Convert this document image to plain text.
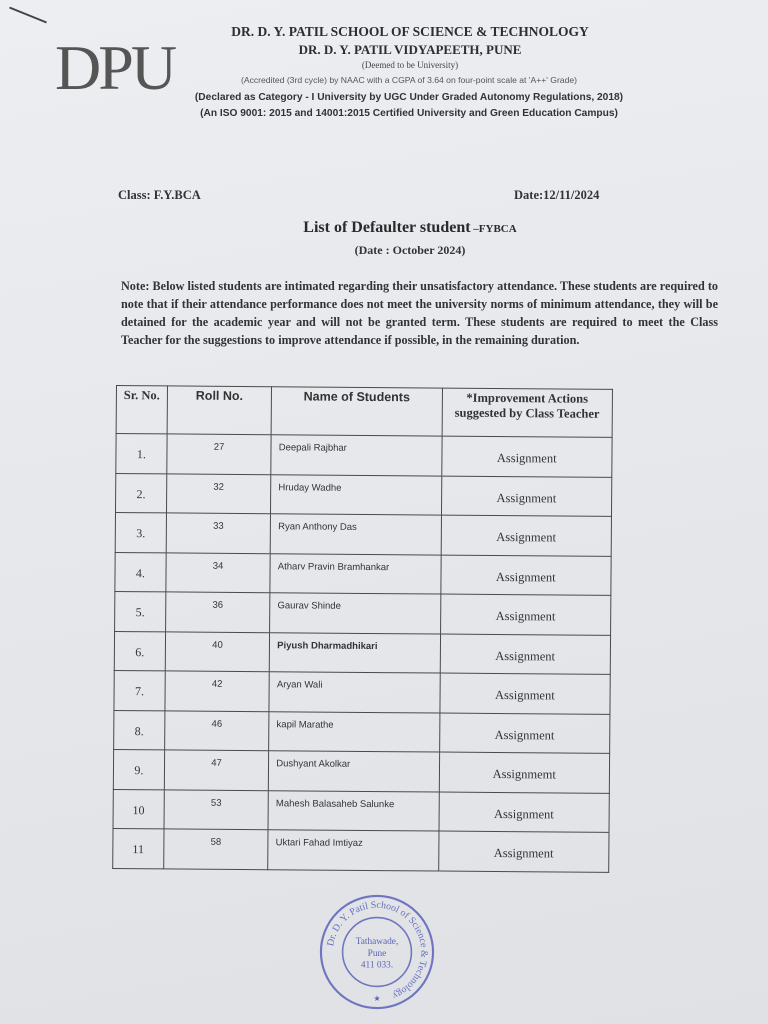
DPU
DR. D. Y. PATIL SCHOOL OF SCIENCE & TECHNOLOGY
DR. D. Y. PATIL VIDYAPEETH, PUNE
(Deemed to be University)
(Accredited (3rd cycle) by NAAC with a CGPA of 3.64 on four-point scale at 'A++' Grade)
(Declared as Category - I University by UGC Under Graded Autonomy Regulations, 2018)
(An ISO 9001: 2015 and 14001:2015 Certified University and Green Education Campus)
Class: F.Y.BCA	Date:12/11/2024
List of Defaulter student –FYBCA
(Date : October 2024)
Note: Below listed students are intimated regarding their unsatisfactory attendance. These students are required to note that if their attendance performance does not meet the university norms of minimum attendance, they will be detained for the academic year and will not be granted term. These students are required to meet the Class Teacher for the suggestions to improve attendance if possible, in the remaining duration.
Sr. No.	Roll No.	Name of Students	*Improvement Actions suggested by Class Teacher

1.	27	Deepali Rajbhar	Assignment

2.	32	Hruday Wadhe	Assignment

3.	33	Ryan Anthony Das	Assignment

4.	34	Atharv Pravin Bramhankar	Assignment

5.	36	Gaurav Shinde	Assignment

6.	40	Piyush Dharmadhikari	Assignment

7.	42	Aryan Wali	Assignment

8.	46	kapil Marathe	Assignment

9.	47	Dushyant Akolkar	Assignmemt

10	53	Mahesh Balasaheb Salunke	Assignment

11	58	Uktari Fahad Imtiyaz	Assignment
Dr. D. Y. Patil School of Science & Technology
Tathawade,
Pune
411 033.
★
